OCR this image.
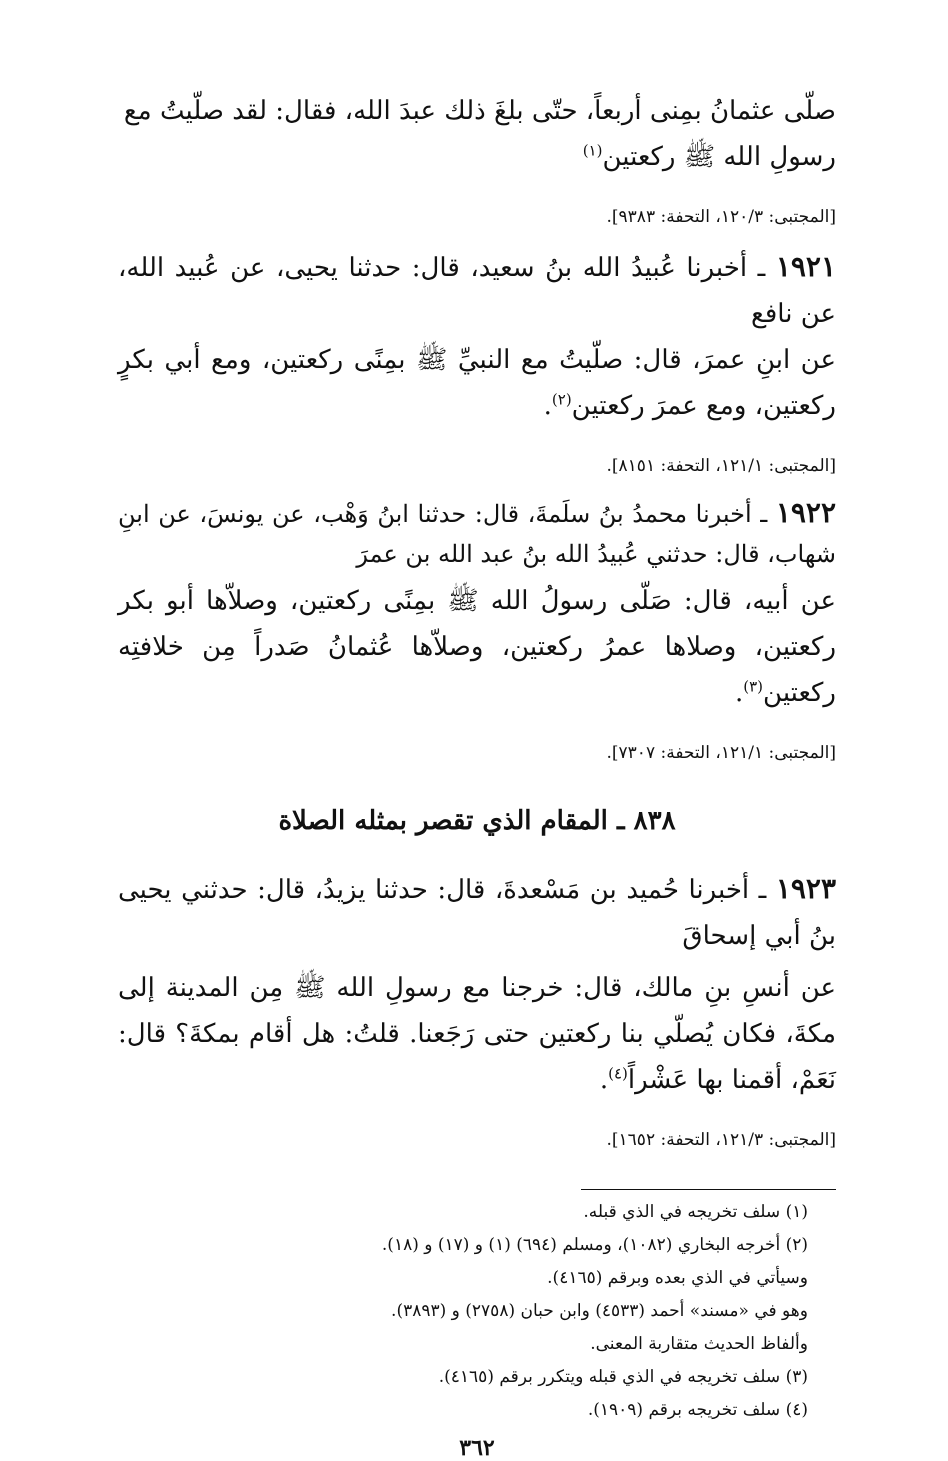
صلّى عثمانُ بمِنى أربعاً، حتّى بلغَ ذلك عبدَ الله، فقال: لقد صلّيتُ مع

رسولِ الله ﷺ ركعتين$^{(١)}$

[المجتبى: ١٢٠/٣، التحفة: ٩٣٨٣].

١٩٢١ ـ أخبرنا عُبيدُ الله بنُ سعيد، قال: حدثنا يحيى، عن عُبيد الله، عن نافع

عن ابنِ عمرَ، قال: صلّيتُ مع النبيِّ ﷺ بمِنًى ركعتين، ومع أبي بكرٍ ركعتين، ومع عمرَ ركعتين$^{(٢)}$.

[المجتبى: ١٢١/١، التحفة: ٨١٥١].

١٩٢٢ ـ أخبرنا محمدُ بنُ سلَمةَ، قال: حدثنا ابنُ وَهْب، عن يونسَ، عن ابنِ شهاب، قال: حدثني عُبيدُ الله بنُ عبد الله بن عمرَ

عن أبيه، قال: صَلّى رسولُ الله ﷺ بمِنًى ركعتين، وصلاّها أبو بكر ركعتين، وصلاها عمرُ ركعتين، وصلاّها عُثمانُ صَدراً مِن خلافتِه ركعتين$^{(٣)}$.

[المجتبى: ١٢١/١، التحفة: ٧٣٠٧].

٨٣٨ ـ المقام الذي تقصر بمثله الصلاة

١٩٢٣ ـ أخبرنا حُميد بن مَسْعدةَ، قال: حدثنا يزيدُ، قال: حدثني يحيى بنُ أبي إسحاقَ

عن أنسِ بنِ مالك، قال: خرجنا مع رسولِ الله ﷺ مِن المدينة إلى مكةَ، فكان يُصلّي بنا ركعتين حتى رَجَعنا. قلتُ: هل أقام بمكةَ؟ قال: نَعَمْ، أقمنا بها عَشْراً$^{(٤)}$.

[المجتبى: ١٢١/٣، التحفة: ١٦٥٢].

(١) سلف تخريجه في الذي قبله.
(٢) أخرجه البخاري (١٠٨٢)، ومسلم (٦٩٤) (١) و (١٧) و (١٨).
وسيأتي في الذي بعده وبرقم (٤١٦٥).
وهو في «مسند» أحمد (٤٥٣٣) وابن حبان (٢٧٥٨) و (٣٨٩٣).
وألفاظ الحديث متقاربة المعنى.
(٣) سلف تخريجه في الذي قبله ويتكرر برقم (٤١٦٥).
(٤) سلف تخريجه برقم (١٩٠٩).
٣٦٢
